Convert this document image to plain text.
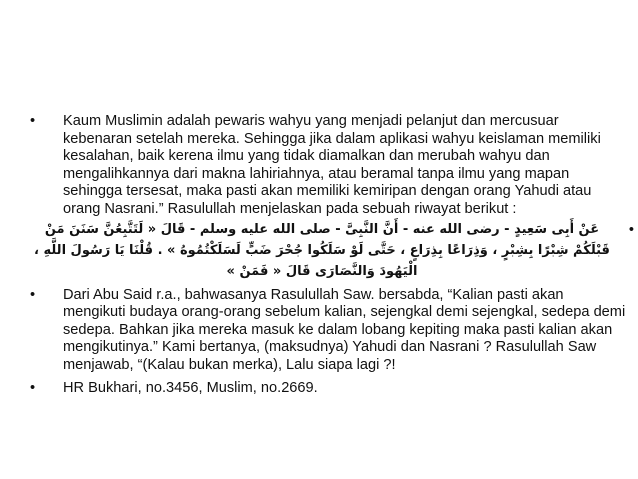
• Kaum Muslimin adalah pewaris wahyu yang menjadi pelanjut dan mercusuar kebenaran setelah mereka. Sehingga jika dalam aplikasi wahyu keislaman memiliki kesalahan, baik kerena ilmu yang tidak diamalkan dan merubah wahyu dan mengalihkannya dari makna lahiriahnya, atau beramal tanpa ilmu yang mapan sehingga tersesat, maka pasti akan memiliki kemiripan dengan orang Yahudi atau orang Nasrani.” Rasulullah menjelaskan pada sebuah riwayat berikut :
•
عَنْ أَبِى سَعِيدٍ - رضى الله عنه - أَنَّ النَّبِىَّ - صلى الله عليه وسلم - قَالَ « لَتَتَّبِعُنَّ سَنَنَ مَنْ قَبْلَكُمْ شِبْرًا بِشِبْرٍ ، وَذِرَاعًا بِذِرَاعٍ ، حَتَّى لَوْ سَلَكُوا جُحْرَ ضَبٍّ لَسَلَكْتُمُوهُ » . قُلْنَا يَا رَسُولَ اللَّهِ ، الْيَهُودَ وَالنَّصَارَى قَالَ « فَمَنْ »
• Dari Abu Said r.a., bahwasanya Rasulullah Saw. bersabda, “Kalian pasti akan mengikuti budaya orang-orang sebelum kalian, sejengkal demi sejengkal, sedepa demi sedepa. Bahkan jika mereka masuk ke dalam lobang kepiting maka pasti kalian akan mengikutinya.” Kami bertanya, (maksudnya) Yahudi dan Nasrani ? Rasulullah Saw menjawab, “(Kalau bukan merka), Lalu siapa lagi ?!
• HR Bukhari, no.3456, Muslim, no.2669.
